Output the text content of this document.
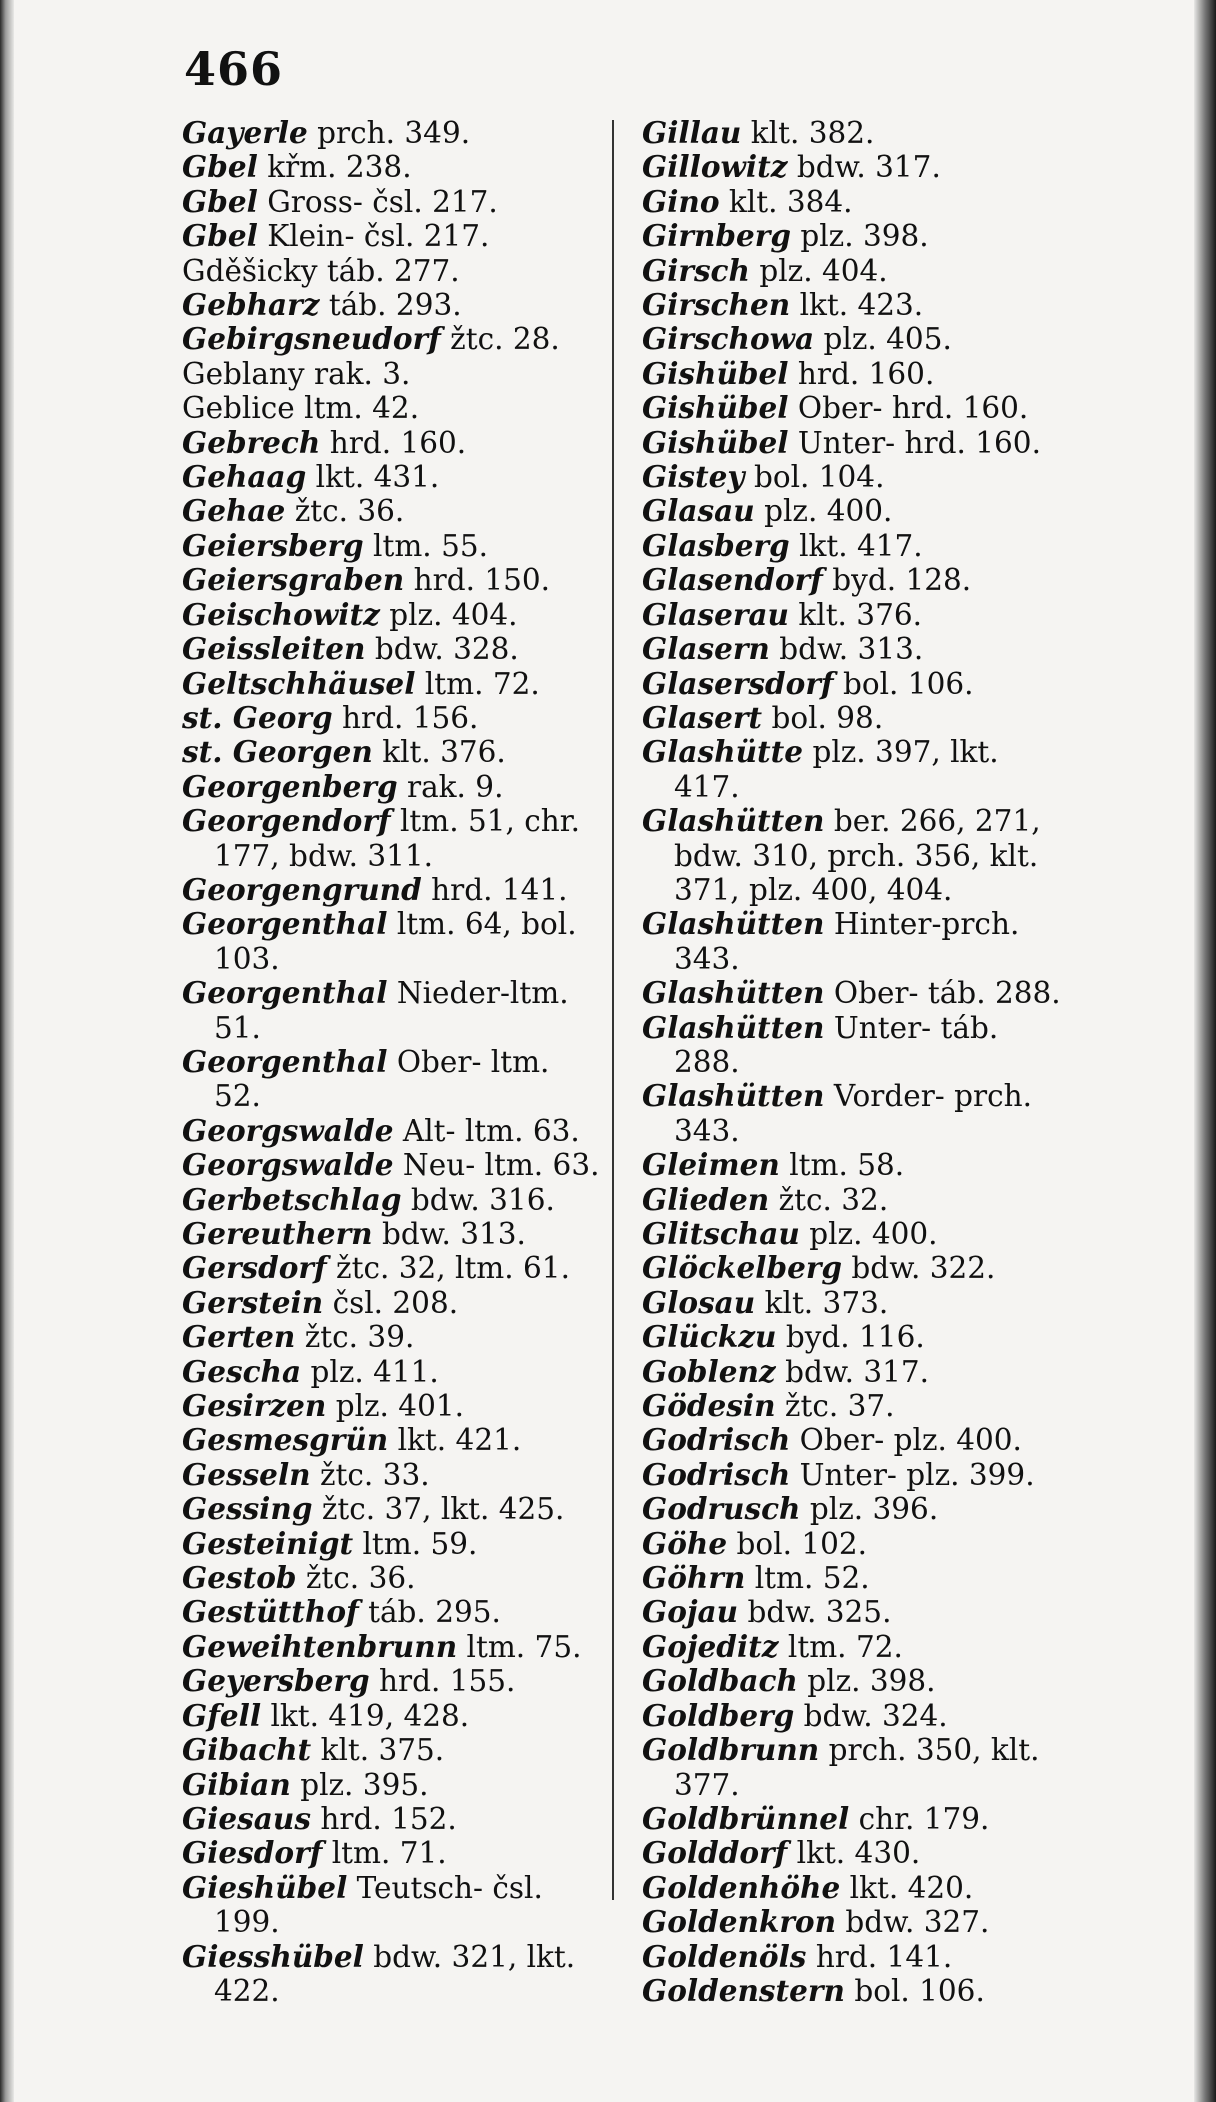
466
Gayerle prch. 349.
Gbel křm. 238.
Gbel Gross- čsl. 217.
Gbel Klein- čsl. 217.
Gděšicky táb. 277.
Gebharz táb. 293.
Gebirgsneudorf žtc. 28.
Geblany rak. 3.
Geblice ltm. 42.
Gebrech hrd. 160.
Gehaag lkt. 431.
Gehae žtc. 36.
Geiersberg ltm. 55.
Geiersgraben hrd. 150.
Geischowitz plz. 404.
Geissleiten bdw. 328.
Geltschhäusel ltm. 72.
st. Georg hrd. 156.
st. Georgen klt. 376.
Georgenberg rak. 9.
Georgendorf ltm. 51, chr. 177, bdw. 311.
Georgengrund hrd. 141.
Georgenthal ltm. 64, bol. 103.
Georgenthal Nieder-ltm. 51.
Georgenthal Ober- ltm. 52.
Georgswalde Alt- ltm. 63.
Georgswalde Neu- ltm. 63.
Gerbetschlag bdw. 316.
Gereuthern bdw. 313.
Gersdorf žtc. 32, ltm. 61.
Gerstein čsl. 208.
Gerten žtc. 39.
Gescha plz. 411.
Gesirzen plz. 401.
Gesmesgrün lkt. 421.
Gesseln žtc. 33.
Gessing žtc. 37, lkt. 425.
Gesteinigt ltm. 59.
Gestob žtc. 36.
Gestütthof táb. 295.
Geweihtenbrunn ltm. 75.
Geyersberg hrd. 155.
Gfell lkt. 419, 428.
Gibacht klt. 375.
Gibian plz. 395.
Giesaus hrd. 152.
Giesdorf ltm. 71.
Gieshübel Teutsch- čsl. 199.
Giesshübel bdw. 321, lkt. 422.
Gillau klt. 382.
Gillowitz bdw. 317.
Gino klt. 384.
Girnberg plz. 398.
Girsch plz. 404.
Girschen lkt. 423.
Girschowa plz. 405.
Gishübel hrd. 160.
Gishübel Ober- hrd. 160.
Gishübel Unter- hrd. 160.
Gistey bol. 104.
Glasau plz. 400.
Glasberg lkt. 417.
Glasendorf byd. 128.
Glaserau klt. 376.
Glasern bdw. 313.
Glasersdorf bol. 106.
Glasert bol. 98.
Glashütte plz. 397, lkt. 417.
Glashütten ber. 266, 271, bdw. 310, prch. 356, klt. 371, plz. 400, 404.
Glashütten Hinter-prch. 343.
Glashütten Ober- táb. 288.
Glashütten Unter- táb. 288.
Glashütten Vorder- prch. 343.
Gleimen ltm. 58.
Glieden žtc. 32.
Glitschau plz. 400.
Glöckelberg bdw. 322.
Glosau klt. 373.
Glückzu byd. 116.
Goblenz bdw. 317.
Gödesin žtc. 37.
Godrisch Ober- plz. 400.
Godrisch Unter- plz. 399.
Godrusch plz. 396.
Göhe bol. 102.
Göhrn ltm. 52.
Gojau bdw. 325.
Gojeditz ltm. 72.
Goldbach plz. 398.
Goldberg bdw. 324.
Goldbrunn prch. 350, klt. 377.
Goldbrünnel chr. 179.
Golddorf lkt. 430.
Goldenhöhe lkt. 420.
Goldenkron bdw. 327.
Goldenöls hrd. 141.
Goldenstern bol. 106.
